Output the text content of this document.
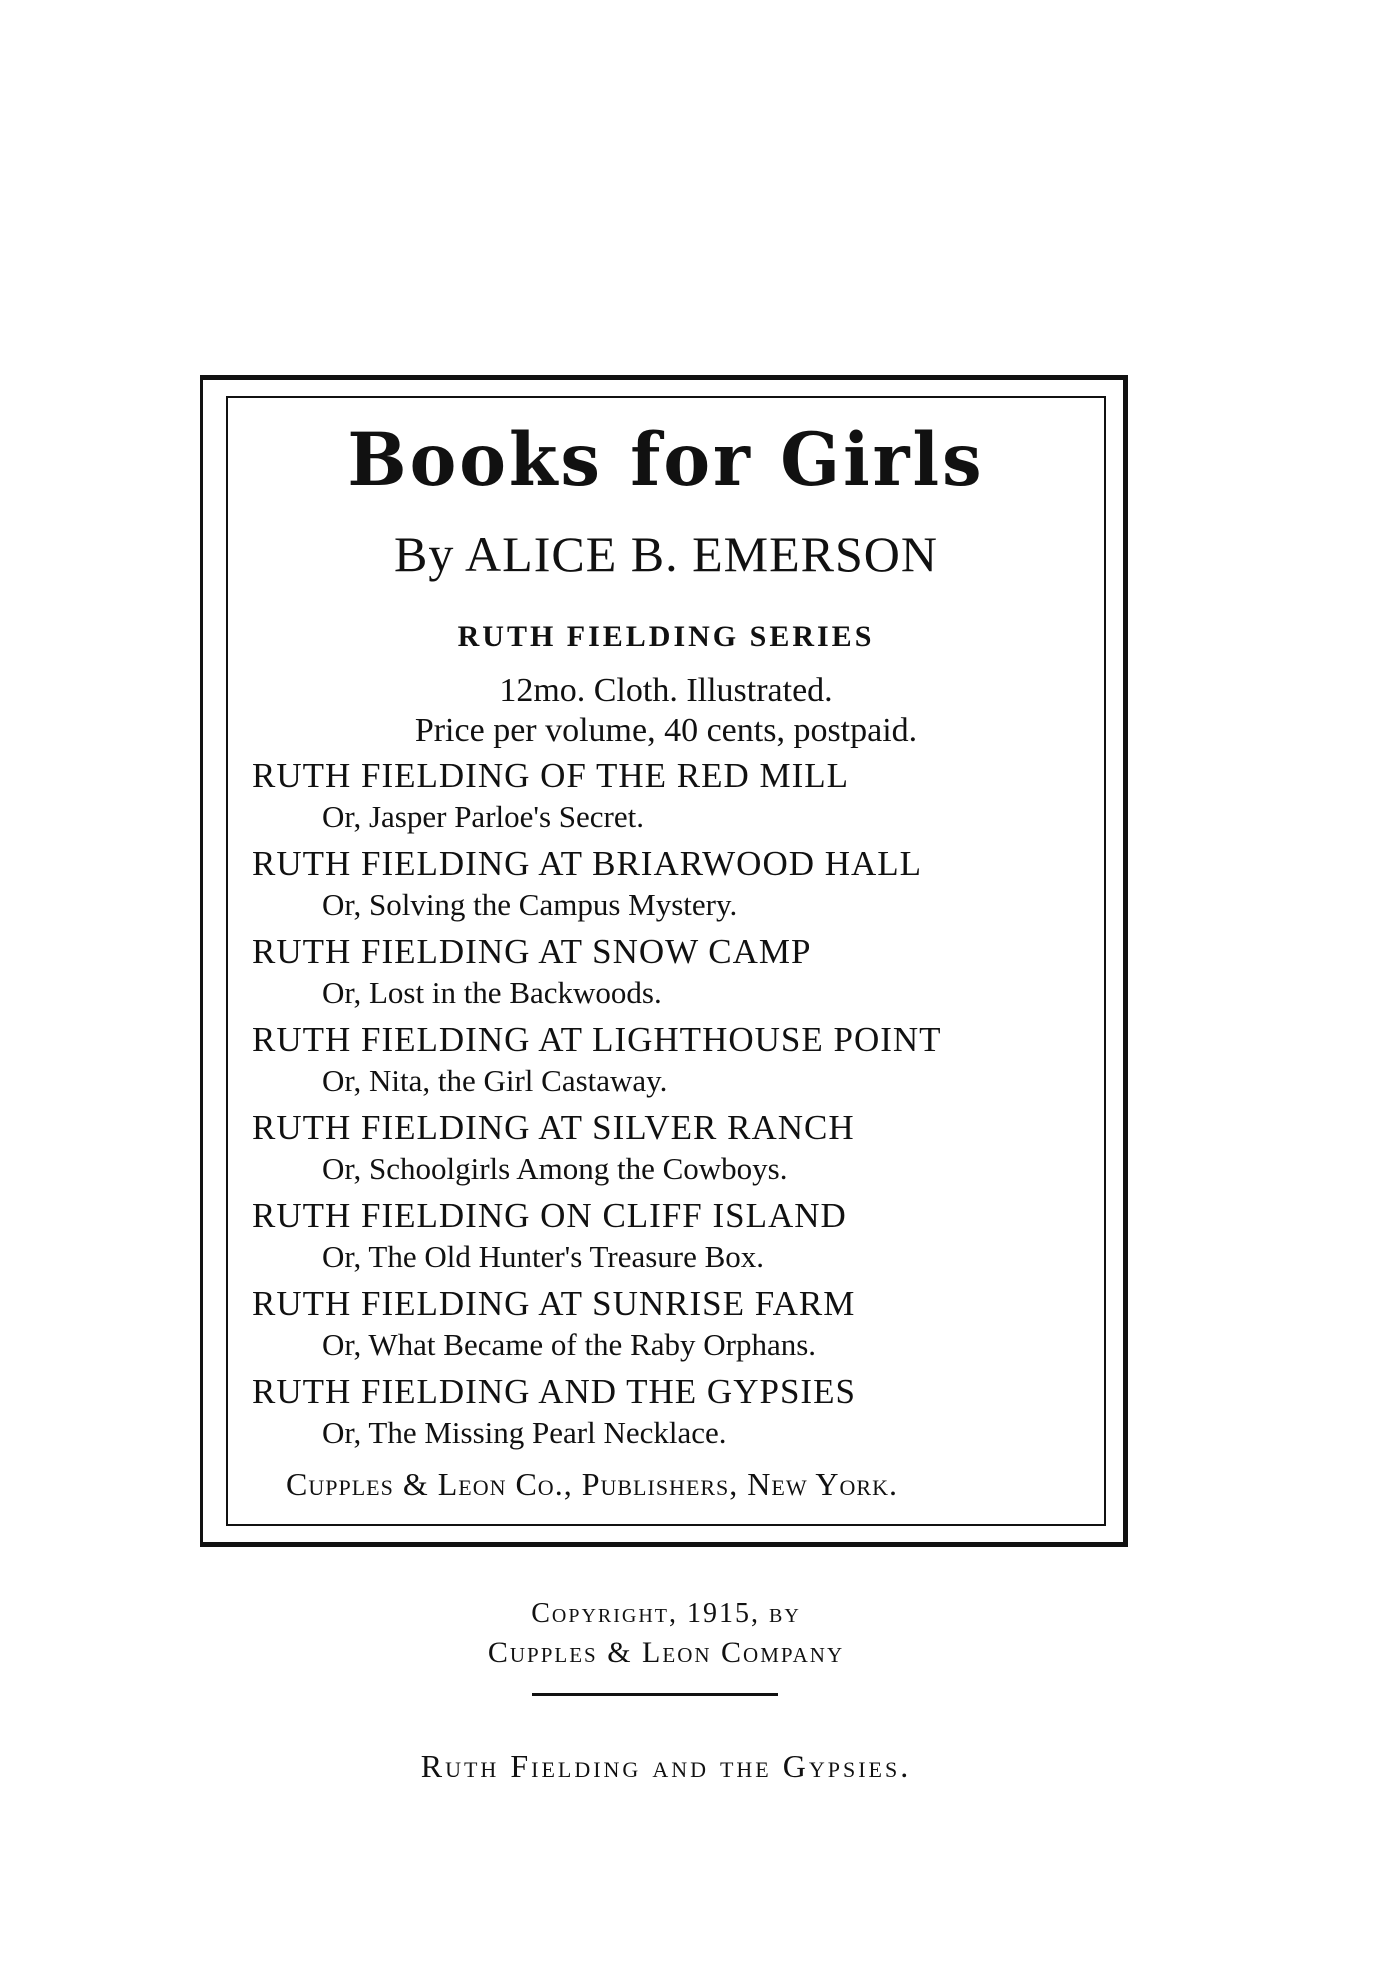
Books for Girls
By ALICE B. EMERSON
RUTH FIELDING SERIES
12mo. Cloth. Illustrated.
Price per volume, 40 cents, postpaid.
RUTH FIELDING OF THE RED MILL
Or, Jasper Parloe's Secret.
RUTH FIELDING AT BRIARWOOD HALL
Or, Solving the Campus Mystery.
RUTH FIELDING AT SNOW CAMP
Or, Lost in the Backwoods.
RUTH FIELDING AT LIGHTHOUSE POINT
Or, Nita, the Girl Castaway.
RUTH FIELDING AT SILVER RANCH
Or, Schoolgirls Among the Cowboys.
RUTH FIELDING ON CLIFF ISLAND
Or, The Old Hunter's Treasure Box.
RUTH FIELDING AT SUNRISE FARM
Or, What Became of the Raby Orphans.
RUTH FIELDING AND THE GYPSIES
Or, The Missing Pearl Necklace.
Cupples & Leon Co., Publishers, New York.
Copyright, 1915, by
Cupples & Leon Company
Ruth Fielding and the Gypsies.
